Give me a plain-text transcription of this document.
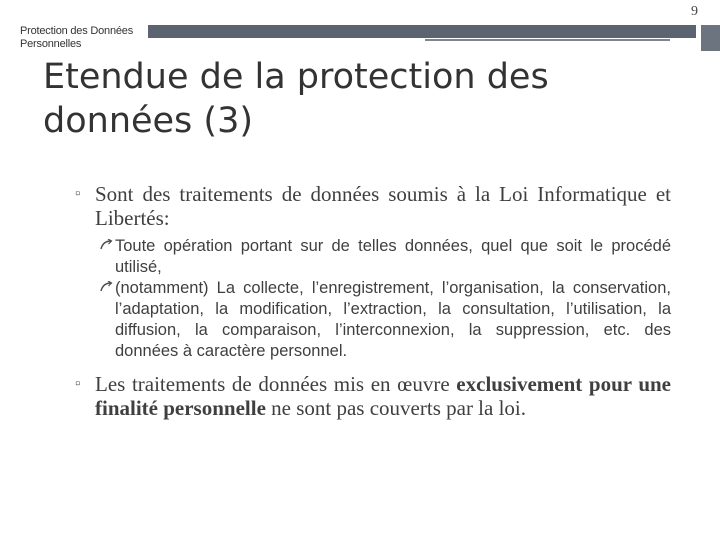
Protection des Données Personnelles
9
Etendue de la protection des données (3)
▫ Sont des traitements de données soumis à la Loi Informatique et Libertés:
Toute opération portant sur de telles données, quel que soit le procédé utilisé,
(notamment) La collecte, l’enregistrement, l’organisation, la conservation, l’adaptation, la modification, l’extraction, la consultation, l’utilisation, la diffusion, la comparaison, l’interconnexion, la suppression, etc. des données à caractère personnel.
▫ Les traitements de données mis en œuvre exclusivement pour une finalité personnelle ne sont pas couverts par la loi.
